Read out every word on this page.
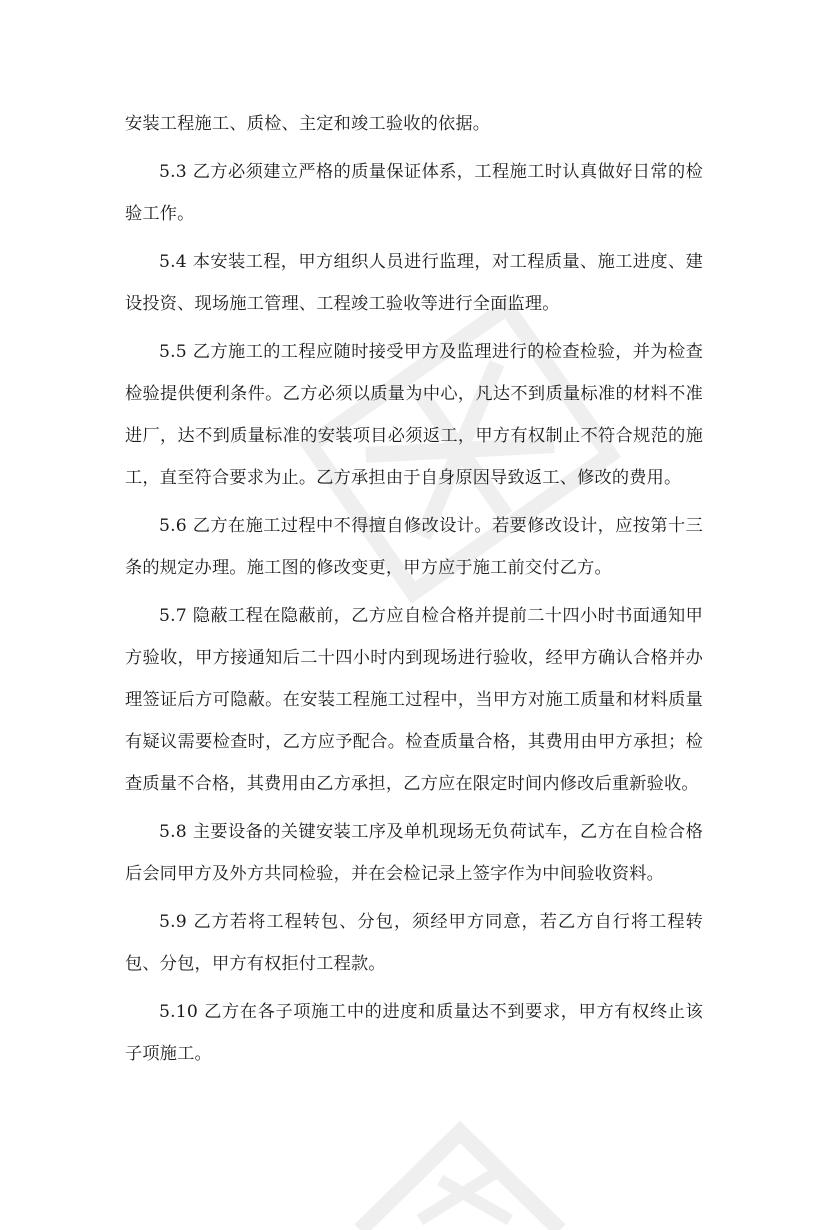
安装工程施工、质检、主定和竣工验收的依据。

5.3 乙方必须建立严格的质量保证体系，工程施工时认真做好日常的检验工作。

5.4 本安装工程，甲方组织人员进行监理，对工程质量、施工进度、建设投资、现场施工管理、工程竣工验收等进行全面监理。

5.5 乙方施工的工程应随时接受甲方及监理进行的检查检验，并为检查检验提供便利条件。乙方必须以质量为中心，凡达不到质量标准的材料不准进厂，达不到质量标准的安装项目必须返工，甲方有权制止不符合规范的施工，直至符合要求为止。乙方承担由于自身原因导致返工、修改的费用。

5.6 乙方在施工过程中不得擅自修改设计。若要修改设计，应按第十三条的规定办理。施工图的修改变更，甲方应于施工前交付乙方。

5.7 隐蔽工程在隐蔽前，乙方应自检合格并提前二十四小时书面通知甲方验收，甲方接通知后二十四小时内到现场进行验收，经甲方确认合格并办理签证后方可隐蔽。在安装工程施工过程中，当甲方对施工质量和材料质量有疑议需要检查时，乙方应予配合。检查质量合格，其费用由甲方承担；检查质量不合格，其费用由乙方承担，乙方应在限定时间内修改后重新验收。

5.8 主要设备的关键安装工序及单机现场无负荷试车，乙方在自检合格后会同甲方及外方共同检验，并在会检记录上签字作为中间验收资料。

5.9 乙方若将工程转包、分包，须经甲方同意，若乙方自行将工程转包、分包，甲方有权拒付工程款。

5.10 乙方在各子项施工中的进度和质量达不到要求，甲方有权终止该子项施工。
